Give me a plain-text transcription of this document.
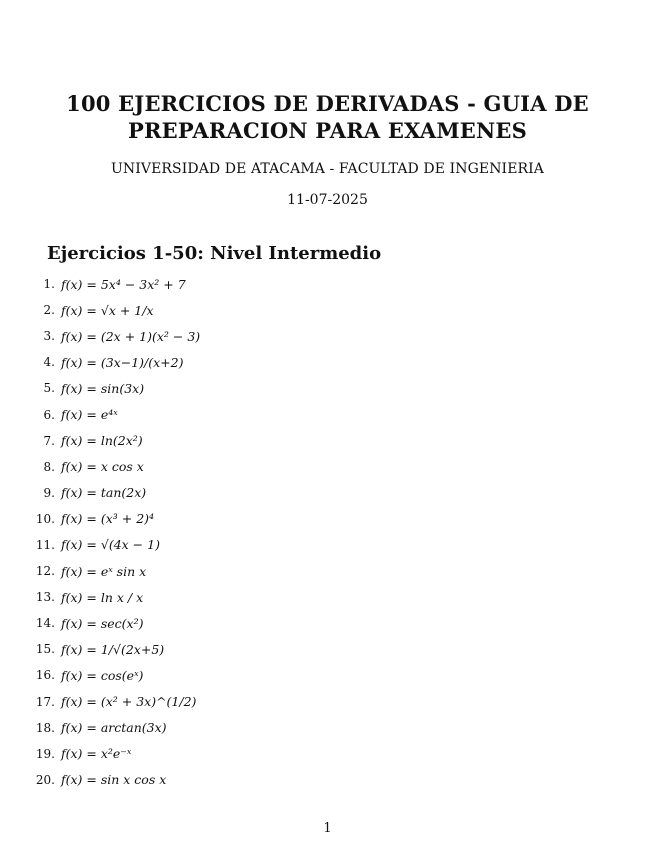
100 EJERCICIOS DE DERIVADAS - GUIA DE
PREPARACION PARA EXAMENES
UNIVERSIDAD DE ATACAMA - FACULTAD DE INGENIERIA
11-07-2025
Ejercicios 1-50: Nivel Intermedio
1. f(x) = 5x⁴ − 3x² + 7
2. f(x) = √x + 1/x
3. f(x) = (2x + 1)(x² − 3)
4. f(x) = (3x−1)/(x+2)
5. f(x) = sin(3x)
6. f(x) = e⁴ˣ
7. f(x) = ln(2x²)
8. f(x) = x cos x
9. f(x) = tan(2x)
10. f(x) = (x³ + 2)⁴
11. f(x) = √(4x − 1)
12. f(x) = eˣ sin x
13. f(x) = ln x / x
14. f(x) = sec(x²)
15. f(x) = 1/√(2x+5)
16. f(x) = cos(eˣ)
17. f(x) = (x² + 3x)^(1/2)
18. f(x) = arctan(3x)
19. f(x) = x²e⁻ˣ
20. f(x) = sin x cos x
1
